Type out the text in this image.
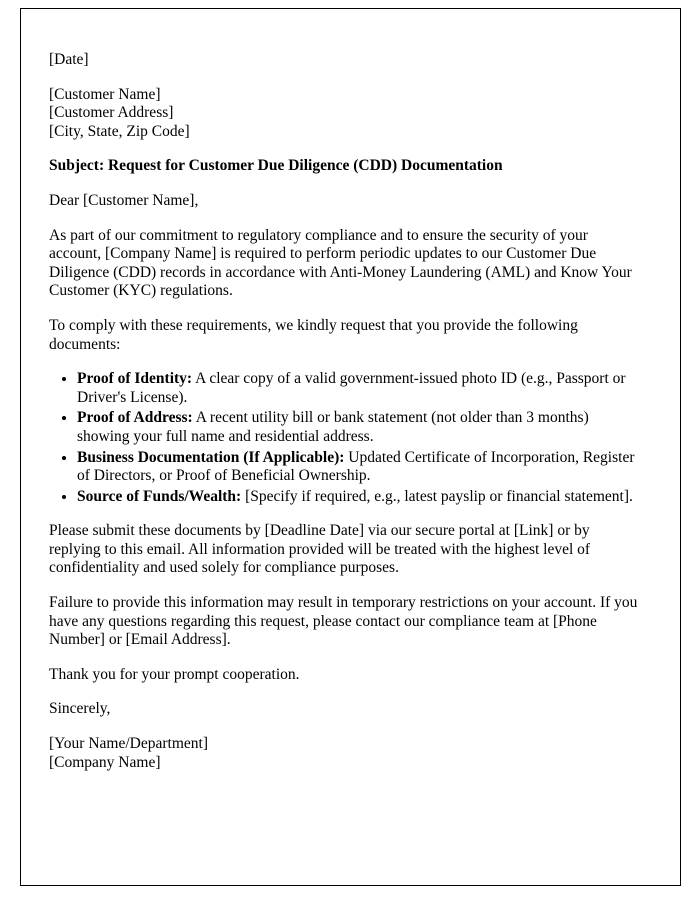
[Date]

[Customer Name]
[Customer Address]
[City, State, Zip Code]

Subject: Request for Customer Due Diligence (CDD) Documentation

Dear [Customer Name],

As part of our commitment to regulatory compliance and to ensure the security of your account, [Company Name] is required to perform periodic updates to our Customer Due Diligence (CDD) records in accordance with Anti-Money Laundering (AML) and Know Your Customer (KYC) regulations.

To comply with these requirements, we kindly request that you provide the following documents:

• Proof of Identity: A clear copy of a valid government-issued photo ID (e.g., Passport or Driver's License).
• Proof of Address: A recent utility bill or bank statement (not older than 3 months) showing your full name and residential address.
• Business Documentation (If Applicable): Updated Certificate of Incorporation, Register of Directors, or Proof of Beneficial Ownership.
• Source of Funds/Wealth: [Specify if required, e.g., latest payslip or financial statement].

Please submit these documents by [Deadline Date] via our secure portal at [Link] or by replying to this email. All information provided will be treated with the highest level of confidentiality and used solely for compliance purposes.

Failure to provide this information may result in temporary restrictions on your account. If you have any questions regarding this request, please contact our compliance team at [Phone Number] or [Email Address].

Thank you for your prompt cooperation.

Sincerely,

[Your Name/Department]
[Company Name]
